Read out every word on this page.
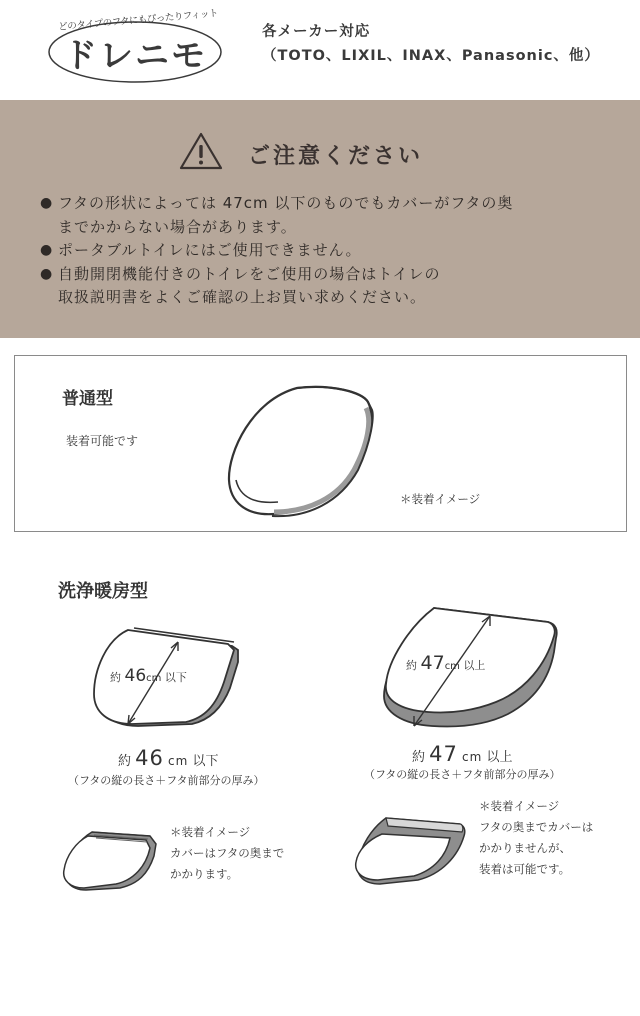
どのタイプのフタにもぴったりフィット
ドレニモ
各メーカー対応
（TOTO、LIXIL、INAX、Panasonic、他）
ご注意ください
● フタの形状によっては 47cm 以下のものでもカバーがフタの奥
までかからない場合があります。
● ポータブルトイレにはご使用できません。
● 自動開閉機能付きのトイレをご使用の場合はトイレの
取扱説明書をよくご確認の上お買い求めください。
普通型
装着可能です
＊装着イメージ
洗浄暖房型
約 46cm 以下
約 47cm 以上
約 46 cm 以下
（フタの縦の長さ＋フタ前部分の厚み）
約 47 cm 以上
（フタの縦の長さ＋フタ前部分の厚み）
＊装着イメージ
カバーはフタの奥まで
かかります。
＊装着イメージ
フタの奥までカバーは
かかりませんが、
装着は可能です。
